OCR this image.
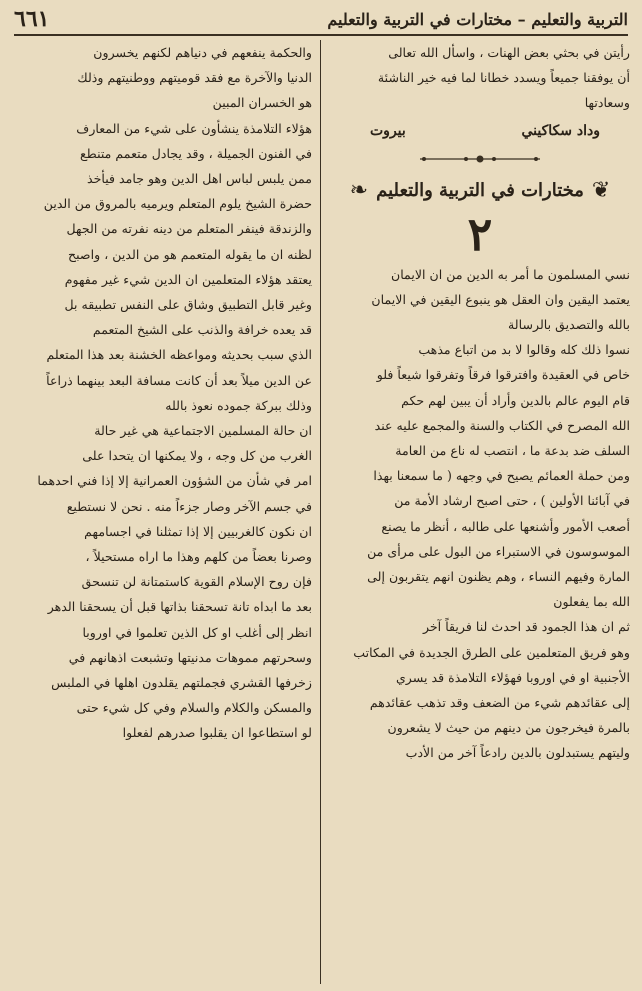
التربية والتعليم – مختارات في التربية والتعليم
٦٦١
رأيتن في بحثي بعض الهنات ، واسأل الله تعالى
أن يوفقنا جميعاً ويسدد خطانا لما فيه خير الناشئة
وسعادتها
وداد سكاكيني
بيروت
❦
مختارات في التربية والتعليم
❧
٢
نسي المسلمون ما أمر به الدين من ان الايمان
يعتمد اليقين وان العقل هو ينبوع اليقين في الايمان
بالله والتصديق بالرسالة
نسوا ذلك كله وقالوا لا بد من اتباع مذهب
خاص في العقيدة وافترقوا فرقاً وتفرقوا شيعاً فلو
قام اليوم عالم بالدين وأراد أن يبين لهم حكم
الله المصرح في الكتاب والسنة والمجمع عليه عند
السلف ضد بدعة ما ، انتصب له ناع من العامة
ومن حملة العمائم يصيح في وجهه ( ما سمعنا بهذا
في آبائنا الأولين ) ، حتى اصبح ارشاد الأمة من
أصعب الأمور وأشنعها على طالبه ، أنظر ما يصنع
الموسوسون في الاستبراء من البول على مرأى من
المارة وفيهم النساء ، وهم يظنون انهم يتقربون إلى
الله بما يفعلون
ثم ان هذا الجمود قد احدث لنا فريقاً آخر
وهو فريق المتعلمين على الطرق الجديدة في المكاتب
الأجنبية او في اوروبا فهؤلاء التلامذة قد يسري
إلى عقائدهم شيء من الضعف وقد تذهب عقائدهم
بالمرة فيخرجون من دينهم من حيث لا يشعرون
وليتهم يستبدلون بالدين رادعاً آخر من الأدب
والحكمة ينفعهم في دنياهم لكنهم يخسرون
الدنيا والآخرة مع فقد قوميتهم ووطنيتهم وذلك
هو الخسران المبين
هؤلاء التلامذة ينشأون على شيء من المعارف
في الفنون الجميلة ، وقد يجادل متعمم متنطع
ممن يلبس لباس اهل الدين وهو جامد فيأخذ
حضرة الشيخ يلوم المتعلم ويرميه بالمروق من الدين
والزندقة فينفر المتعلم من دينه نفرته من الجهل
لظنه ان ما يقوله المتعمم هو من الدين ، واصبح
يعتقد هؤلاء المتعلمين ان الدين شيء غير مفهوم
وغير قابل التطبيق وشاق على النفس تطبيقه بل
قد يعده خرافة والذنب على الشيخ المتعمم
الذي سبب بحديثه ومواعظه الخشنة بعد هذا المتعلم
عن الدين ميلاً بعد أن كانت مسافة البعد بينهما ذراعاً
وذلك ببركة جموده نعوذ بالله
ان حالة المسلمين الاجتماعية هي غير حالة
الغرب من كل وجه ، ولا يمكنها ان يتحدا على
امر في شأن من الشؤون العمرانية إلا إذا فني احدهما
في جسم الآخر وصار جزءاً منه . نحن لا نستطيع
ان نكون كالغربيين إلا إذا تمثلنا في اجسامهم
وصرنا بعضاً من كلهم وهذا ما اراه مستحيلاً ،
فإن روح الإسلام القوية كاستمتانة لن تنسحق
بعد ما ابداه تانة تسحقنا بذاتها قبل أن يسحقنا الدهر
انظر إلى أغلب او كل الذين تعلموا في اوروبا
وسحرتهم مموهات مدنيتها وتشبعت اذهانهم في
زخرفها القشري فجملتهم يقلدون اهلها في الملبس
والمسكن والكلام والسلام وفي كل شيء حتى
لو استطاعوا ان يقلبوا صدرهم لفعلوا
